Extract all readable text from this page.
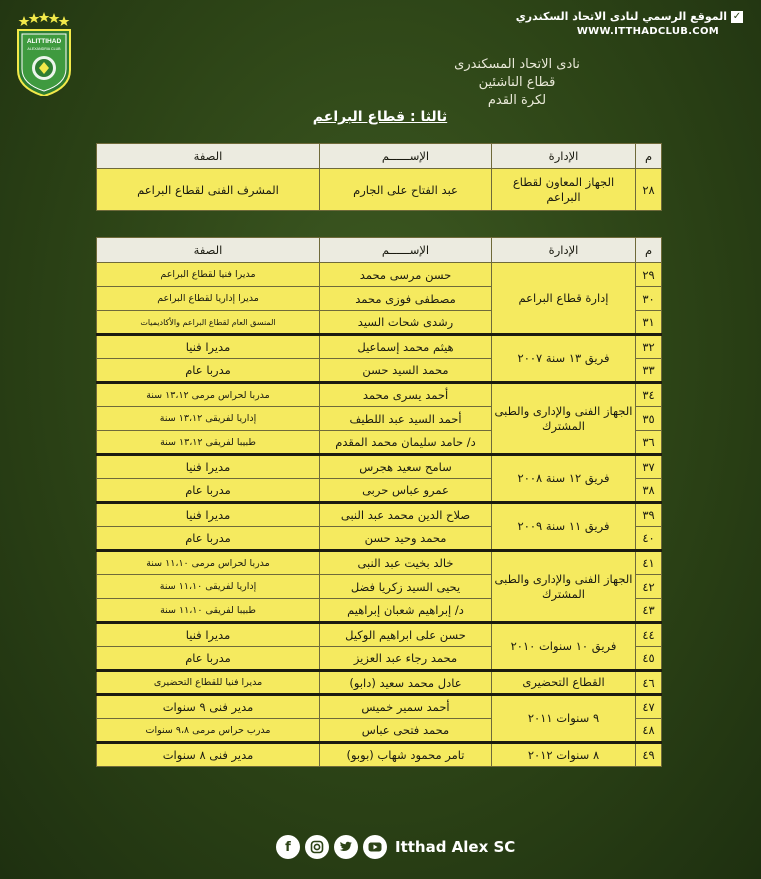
ALITTIHAD
ALEXANDRIA CLUB
✓
الموقع الرسمي لنادى الاتحاد السكندري
WWW.ITTHADCLUB.COM
نادى الاتحاد المسكندرى
قطاع الناشئين
لكرة القدم
ثالثا : قطاع البراعم
م	الإدارة	الإســــــم	الصفة
٢٨	الجهاز المعاون لقطاع البراعم	عبد الفتاح على الجارم	المشرف الفنى لقطاع البراعم
م	الإدارة	الإســــــم	الصفة
٢٩	إدارة قطاع البراعم	حسن مرسى محمد	مديرا فنيا لقطاع البراعم
٣٠		مصطفى فوزى محمد	مديرا إداريا لقطاع البراعم
٣١		رشدى شحات السيد	المنسق العام لقطاع البراعم والأكاديميات
٣٢	فريق ١٣ سنة ٢٠٠٧	هيثم محمد إسماعيل	مديرا فنيا
٣٣		محمد السيد حسن	مدربا عام
٣٤	الجهاز الفنى والإدارى والطبى المشترك	أحمد يسرى محمد	مدربا لحراس مرمى ١٣،١٢ سنة
٣٥		أحمد السيد عبد اللطيف	إداريا لفريقى ١٣،١٢ سنة
٣٦		د/ حامد سليمان محمد المقدم	طبيبا لفريقى ١٣،١٢ سنة
٣٧	فريق ١٢ سنة ٢٠٠٨	سامح سعيد هجرس	مديرا فنيا
٣٨		عمرو عباس حربى	مدربا عام
٣٩	فريق ١١ سنة ٢٠٠٩	صلاح الدين محمد عبد النبى	مديرا فنيا
٤٠		محمد وحيد حسن	مدربا عام
٤١	الجهاز الفنى والإدارى والطبى المشترك	خالد بخيت عبد النبى	مدربا لحراس مرمى ١١،١٠ سنة
٤٢		يحيى السيد زكريا فضل	إداريا لفريقى ١١،١٠ سنة
٤٣		د/ إبراهيم شعبان إبراهيم	طبيبا لفريقى ١١،١٠ سنة
٤٤	فريق ١٠ سنوات ٢٠١٠	حسن على ابراهيم الوكيل	مديرا فنيا
٤٥		محمد رجاء عبد العزيز	مدربا عام
٤٦	القطاع التحضيرى	عادل محمد سعيد (دابو)	مديرا فنيا للقطاع التحضيرى
٤٧	٩ سنوات ٢٠١١	أحمد سمير خميس	مدير فنى ٩ سنوات
٤٨		محمد فتحى عباس	مدرب حراس مرمى ٩،٨ سنوات
٤٩	٨ سنوات ٢٠١٢	تامر محمود شهاب (بوبو)	مدير فنى ٨ سنوات
f	Itthad Alex SC
